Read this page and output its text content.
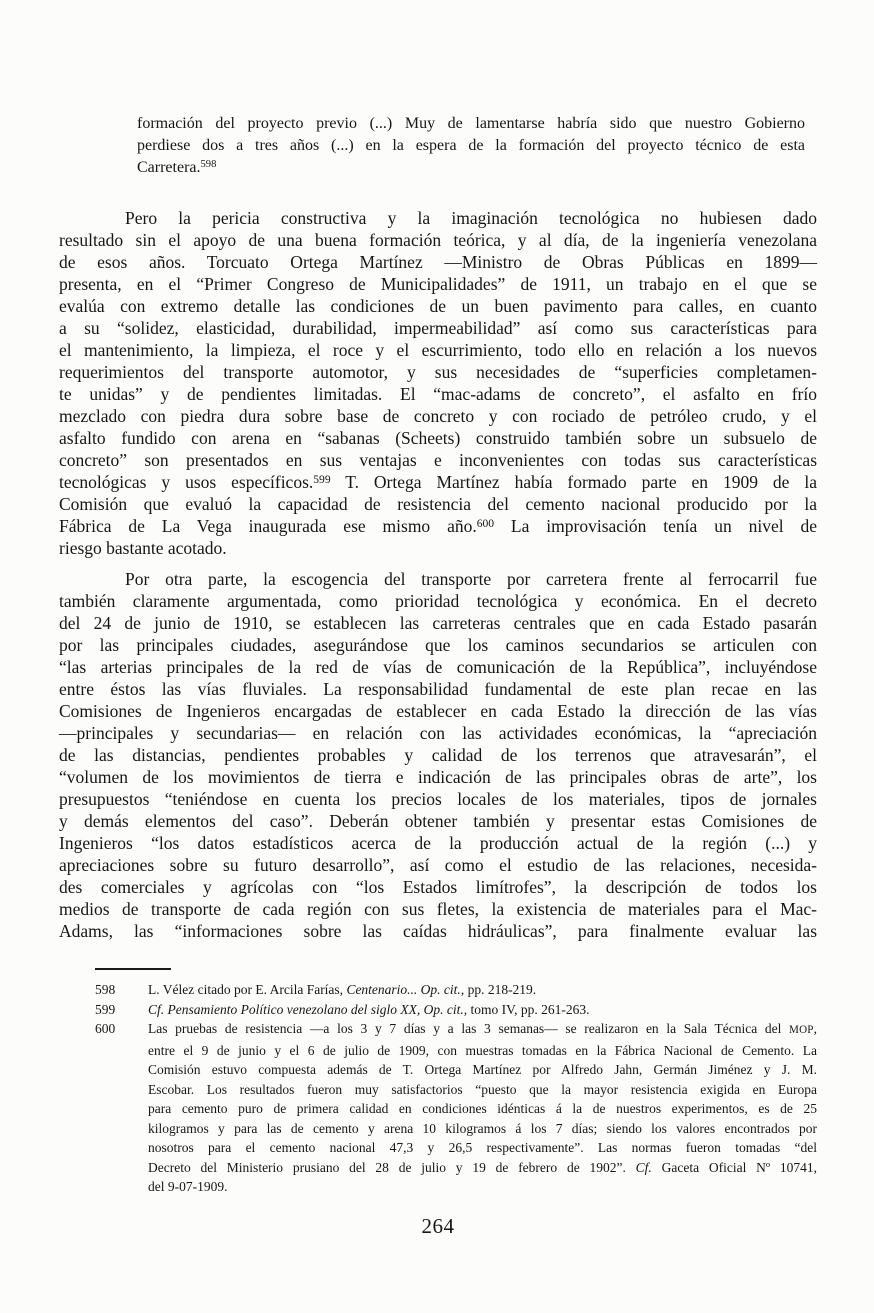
formación del proyecto previo (...) Muy de lamentarse habría sido que nuestro Gobierno
perdiese dos a tres años (...) en la espera de la formación del proyecto técnico de esta
Carretera.$^{598}$
Pero la pericia constructiva y la imaginación tecnológica no hubiesen dado
resultado sin el apoyo de una buena formación teórica, y al día, de la ingeniería venezolana
de esos años. Torcuato Ortega Martínez —Ministro de Obras Públicas en 1899—
presenta, en el “Primer Congreso de Municipalidades” de 1911, un trabajo en el que se
evalúa con extremo detalle las condiciones de un buen pavimento para calles, en cuanto
a su “solidez, elasticidad, durabilidad, impermeabilidad” así como sus características para
el mantenimiento, la limpieza, el roce y el escurrimiento, todo ello en relación a los nuevos
requerimientos del transporte automotor, y sus necesidades de “superficies completamen-
te unidas” y de pendientes limitadas. El “mac-adams de concreto”, el asfalto en frío
mezclado con piedra dura sobre base de concreto y con rociado de petróleo crudo, y el
asfalto fundido con arena en “sabanas (Scheets) construido también sobre un subsuelo de
concreto” son presentados en sus ventajas e inconvenientes con todas sus características
tecnológicas y usos específicos.$^{599}$ T. Ortega Martínez había formado parte en 1909 de la
Comisión que evaluó la capacidad de resistencia del cemento nacional producido por la
Fábrica de La Vega inaugurada ese mismo año.$^{600}$ La improvisación tenía un nivel de
riesgo bastante acotado.
Por otra parte, la escogencia del transporte por carretera frente al ferrocarril fue
también claramente argumentada, como prioridad tecnológica y económica. En el decreto
del 24 de junio de 1910, se establecen las carreteras centrales que en cada Estado pasarán
por las principales ciudades, asegurándose que los caminos secundarios se articulen con
“las arterias principales de la red de vías de comunicación de la República”, incluyéndose
entre éstos las vías fluviales. La responsabilidad fundamental de este plan recae en las
Comisiones de Ingenieros encargadas de establecer en cada Estado la dirección de las vías
—principales y secundarias— en relación con las actividades económicas, la “apreciación
de las distancias, pendientes probables y calidad de los terrenos que atravesarán”, el
“volumen de los movimientos de tierra e indicación de las principales obras de arte”, los
presupuestos “teniéndose en cuenta los precios locales de los materiales, tipos de jornales
y demás elementos del caso”. Deberán obtener también y presentar estas Comisiones de
Ingenieros “los datos estadísticos acerca de la producción actual de la región (...) y
apreciaciones sobre su futuro desarrollo”, así como el estudio de las relaciones, necesida-
des comerciales y agrícolas con “los Estados limítrofes”, la descripción de todos los
medios de transporte de cada región con sus fletes, la existencia de materiales para el Mac-
Adams, las “informaciones sobre las caídas hidráulicas”, para finalmente evaluar las
598	L. Vélez citado por E. Arcila Farías, Centenario... Op. cit., pp. 218-219.
599	Cf. Pensamiento Político venezolano del siglo XX, Op. cit., tomo IV, pp. 261-263.
600	Las pruebas de resistencia —a los 3 y 7 días y a las 3 semanas— se realizaron en la Sala Técnica del MOP,
entre el 9 de junio y el 6 de julio de 1909, con muestras tomadas en la Fábrica Nacional de Cemento. La
Comisión estuvo compuesta además de T. Ortega Martínez por Alfredo Jahn, Germán Jiménez y J. M.
Escobar. Los resultados fueron muy satisfactorios “puesto que la mayor resistencia exigida en Europa
para cemento puro de primera calidad en condiciones idénticas á la de nuestros experimentos, es de 25
kilogramos y para las de cemento y arena 10 kilogramos á los 7 días; siendo los valores encontrados por
nosotros para el cemento nacional 47,3 y 26,5 respectivamente”. Las normas fueron tomadas “del
Decreto del Ministerio prusiano del 28 de julio y 19 de febrero de 1902”. Cf. Gaceta Oficial Nº 10741,
del 9-07-1909.
264
